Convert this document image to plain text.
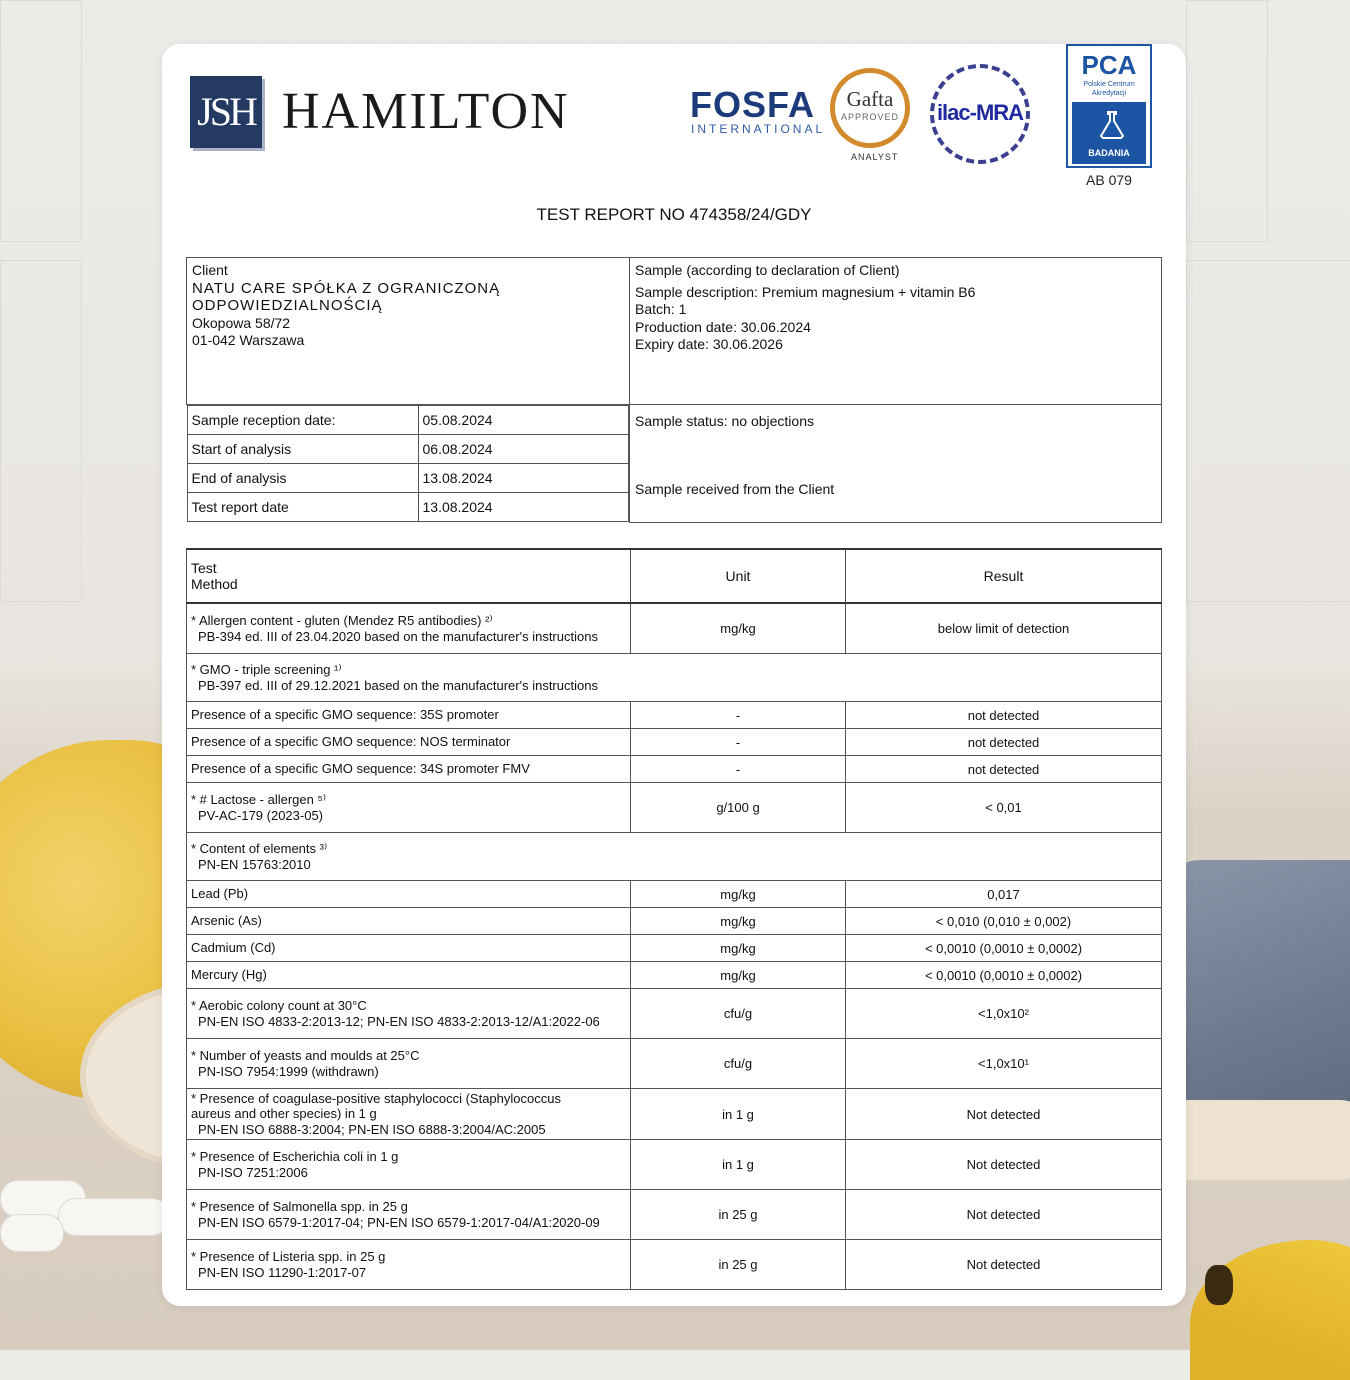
JSH HAMILTON	FOSFA
INTERNATIONAL
Gafta
APPROVED
ANALYST
ilac-MRA
PCA
Polskie Centrum
Akredytacji
BADANIA
AB 079
TEST REPORT NO 474358/24/GDY
Client
NATU CARE SPÓŁKA Z OGRANICZONĄ
ODPOWIEDZIALNOŚCIĄ
Okopowa 58/72
01-042 Warszawa

Sample (according to declaration of Client)
Sample description: Premium magnesium + vitamin B6
Batch: 1
Production date: 30.06.2024
Expiry date: 30.06.2026

Sample reception date:	05.08.2024
Start of analysis	06.08.2024
End of analysis	13.08.2024
Test report date	13.08.2024

Sample status: no objections
Sample received from the Client
Test
Method	Unit	Result

* Allergen content - gluten (Mendez R5 antibodies) ²⁾
PB-394 ed. III of 23.04.2020 based on the manufacturer's instructions	mg/kg	below limit of detection

* GMO - triple screening ¹⁾
PB-397 ed. III of 29.12.2021 based on the manufacturer's instructions		

Presence of a specific GMO sequence: 35S promoter	-	not detected
Presence of a specific GMO sequence: NOS terminator	-	not detected
Presence of a specific GMO sequence: 34S promoter FMV	-	not detected

* # Lactose - allergen ⁵⁾
PV-AC-179 (2023-05)	g/100 g	< 0,01

* Content of elements ³⁾
PN-EN 15763:2010		

Lead (Pb)	mg/kg	0,017
Arsenic (As)	mg/kg	< 0,010 (0,010 ± 0,002)
Cadmium (Cd)	mg/kg	< 0,0010 (0,0010 ± 0,0002)
Mercury (Hg)	mg/kg	< 0,0010 (0,0010 ± 0,0002)

* Aerobic colony count at 30°C
PN-EN ISO 4833-2:2013-12; PN-EN ISO 4833-2:2013-12/A1:2022-06	cfu/g	<1,0x10²

* Number of yeasts and moulds at 25°C
PN-ISO 7954:1999 (withdrawn)	cfu/g	<1,0x10¹

* Presence of coagulase-positive staphylococci (Staphylococcus
aureus and other species) in 1 g
PN-EN ISO 6888-3:2004; PN-EN ISO 6888-3:2004/AC:2005	in 1 g	Not detected

* Presence of Escherichia coli in 1 g
PN-ISO 7251:2006	in 1 g	Not detected

* Presence of Salmonella spp. in 25 g
PN-EN ISO 6579-1:2017-04; PN-EN ISO 6579-1:2017-04/A1:2020-09	in 25 g	Not detected

* Presence of Listeria spp. in 25 g
PN-EN ISO 11290-1:2017-07	in 25 g	Not detected
